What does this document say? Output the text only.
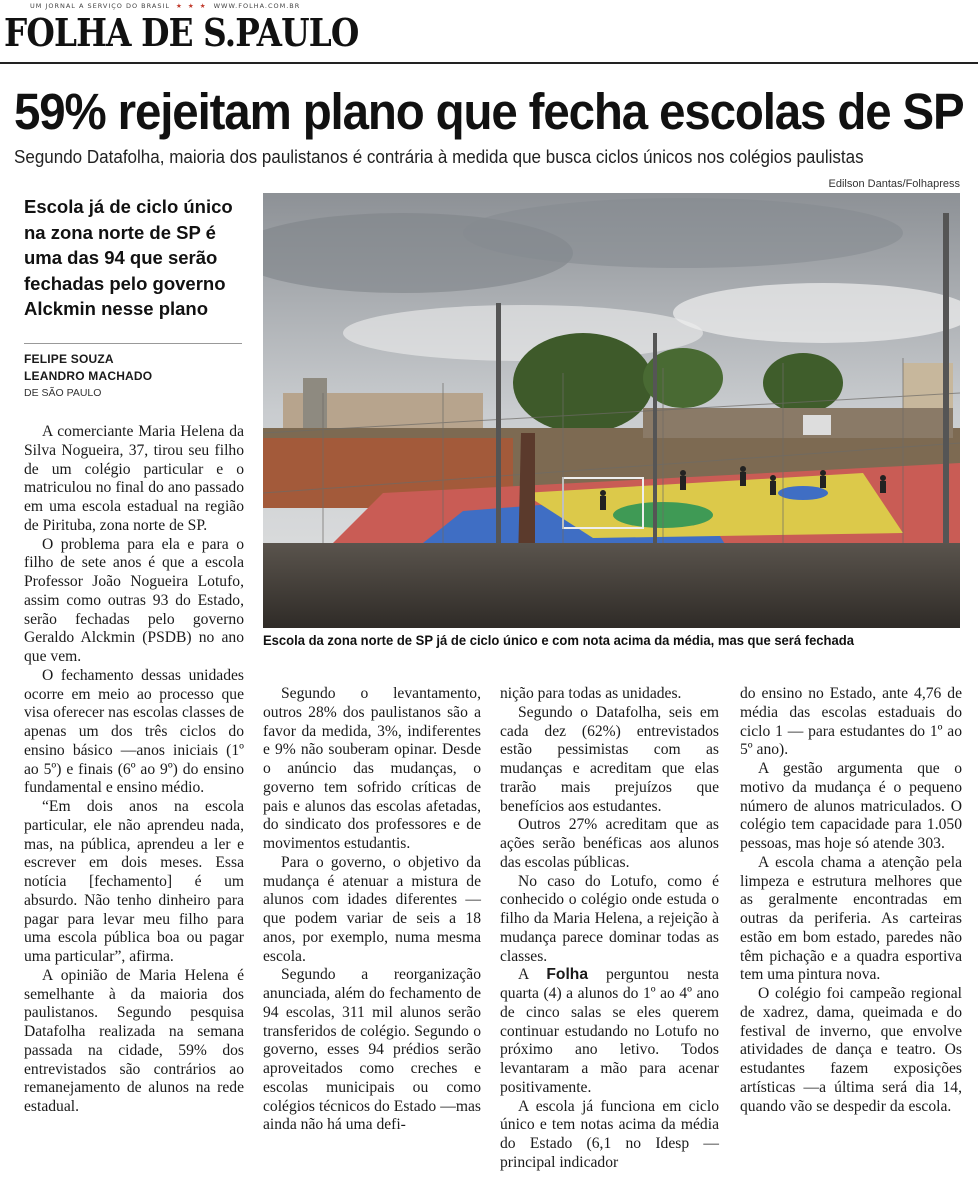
UM JORNAL A SERVIÇO DO BRASIL ★ ★ ★ WWW.FOLHA.COM.BR
FOLHA DE S.PAULO
59% rejeitam plano que fecha escolas de SP
Segundo Datafolha, maioria dos paulistanos é contrária à medida que busca ciclos únicos nos colégios paulistas
Edilson Dantas/Folhapress
Escola da zona norte de SP já de ciclo único e com nota acima da média, mas que será fechada
Escola já de ciclo único na zona norte de SP é uma das 94 que serão fechadas pelo governo Alckmin nesse plano
FELIPE SOUZA
LEANDRO MACHADO
DE SÃO PAULO

A comerciante Maria Helena da Silva Nogueira, 37, tirou seu filho de um colégio particular e o matriculou no final do ano passado em uma escola estadual na região de Pirituba, zona norte de SP.

O problema para ela e para o filho de sete anos é que a escola Professor João Nogueira Lotufo, assim como outras 93 do Estado, serão fechadas pelo governo Geraldo Alckmin (PSDB) no ano que vem.

O fechamento dessas unidades ocorre em meio ao processo que visa oferecer nas escolas classes de apenas um dos três ciclos do ensino básico —anos iniciais (1º ao 5º) e finais (6º ao 9º) do ensino fundamental e ensino médio.

“Em dois anos na escola particular, ele não aprendeu nada, mas, na pública, aprendeu a ler e escrever em dois meses. Essa notícia [fechamento] é um absurdo. Não tenho dinheiro para pagar para levar meu filho para uma escola pública boa ou pagar uma particular”, afirma.

A opinião de Maria Helena é semelhante à da maioria dos paulistanos. Segundo pesquisa Datafolha realizada na semana passada na cidade, 59% dos entrevistados são contrários ao remanejamento de alunos na rede estadual.

Segundo o levantamento, outros 28% dos paulistanos são a favor da medida, 3%, indiferentes e 9% não souberam opinar. Desde o anúncio das mudanças, o governo tem sofrido críticas de pais e alunos das escolas afetadas, do sindicato dos professores e de movimentos estudantis.

Para o governo, o objetivo da mudança é atenuar a mistura de alunos com idades diferentes —que podem variar de seis a 18 anos, por exemplo, numa mesma escola.

Segundo a reorganização anunciada, além do fechamento de 94 escolas, 311 mil alunos serão transferidos de colégio. Segundo o governo, esses 94 prédios serão aproveitados como creches e escolas municipais ou como colégios técnicos do Estado —mas ainda não há uma defi-

nição para todas as unidades.

Segundo o Datafolha, seis em cada dez (62%) entrevistados estão pessimistas com as mudanças e acreditam que elas trarão mais prejuízos que benefícios aos estudantes.

Outros 27% acreditam que as ações serão benéficas aos alunos das escolas públicas.

No caso do Lotufo, como é conhecido o colégio onde estuda o filho da Maria Helena, a rejeição à mudança parece dominar todas as classes.

A Folha perguntou nesta quarta (4) a alunos do 1º ao 4º ano de cinco salas se eles querem continuar estudando no Lotufo no próximo ano letivo. Todos levantaram a mão para acenar positivamente.

A escola já funciona em ciclo único e tem notas acima da média do Estado (6,1 no Idesp —principal indicador

do ensino no Estado, ante 4,76 de média das escolas estaduais do ciclo 1 — para estudantes do 1º ao 5º ano).

A gestão argumenta que o motivo da mudança é o pequeno número de alunos matriculados. O colégio tem capacidade para 1.050 pessoas, mas hoje só atende 303.

A escola chama a atenção pela limpeza e estrutura melhores que as geralmente encontradas em outras da periferia. As carteiras estão em bom estado, paredes não têm pichação e a quadra esportiva tem uma pintura nova.

O colégio foi campeão regional de xadrez, dama, queimada e do festival de inverno, que envolve atividades de dança e teatro. Os estudantes fazem exposições artísticas —a última será dia 14, quando vão se despedir da escola.
